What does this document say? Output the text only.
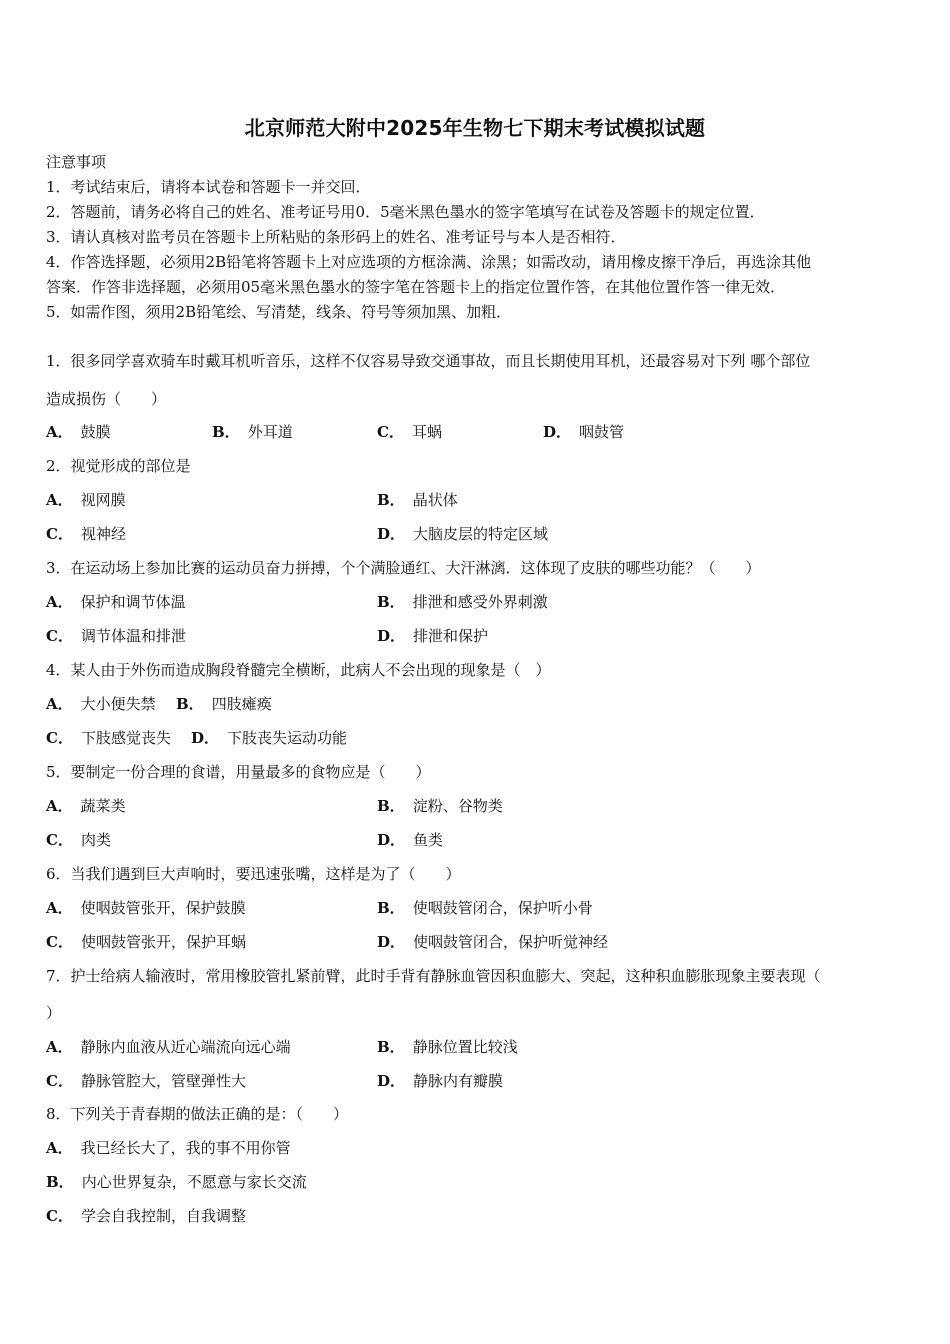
北京师范大附中2025年生物七下期末考试模拟试题
注意事项
1．考试结束后，请将本试卷和答题卡一并交回．
2．答题前，请务必将自己的姓名、准考证号用0．5毫米黑色墨水的签字笔填写在试卷及答题卡的规定位置．
3．请认真核对监考员在答题卡上所粘贴的条形码上的姓名、准考证号与本人是否相符．
4．作答选择题，必须用2B铅笔将答题卡上对应选项的方框涂满、涂黑；如需改动，请用橡皮擦干净后，再选涂其他
答案．作答非选择题，必须用05毫米黑色墨水的签字笔在答题卡上的指定位置作答，在其他位置作答一律无效．
5．如需作图，须用2B铅笔绘、写清楚，线条、符号等须加黑、加粗．
1．很多同学喜欢骑车时戴耳机听音乐，这样不仅容易导致交通事故，而且长期使用耳机，还最容易对下列 哪个部位
造成损伤（　　）
A． 鼓膜	B． 外耳道	C． 耳蜗	D． 咽鼓管
2．视觉形成的部位是
A． 视网膜	B． 晶状体
C． 视神经	D． 大脑皮层的特定区域
3．在运动场上参加比赛的运动员奋力拼搏，个个满脸通红、大汗淋漓．这体现了皮肤的哪些功能？（　　）
A． 保护和调节体温	B． 排泄和感受外界刺激
C． 调节体温和排泄	D． 排泄和保护
4．某人由于外伤而造成胸段脊髓完全横断，此病人不会出现的现象是（　）
A． 大小便失禁 B． 四肢瘫痪
C． 下肢感觉丧失 D． 下肢丧失运动功能
5．要制定一份合理的食谱，用量最多的食物应是（　　）
A． 蔬菜类	B． 淀粉、谷物类
C． 肉类	D． 鱼类
6．当我们遇到巨大声响时，要迅速张嘴，这样是为了（　　）
A． 使咽鼓管张开，保护鼓膜	B． 使咽鼓管闭合，保护听小骨
C． 使咽鼓管张开，保护耳蜗	D． 使咽鼓管闭合，保护听觉神经
7．护士给病人输液时，常用橡胶管扎紧前臂，此时手背有静脉血管因积血膨大、突起，这种积血膨胀现象主要表现（
）
A． 静脉内血液从近心端流向远心端	B． 静脉位置比较浅
C． 静脉管腔大，管壁弹性大	D． 静脉内有瓣膜
8．下列关于青春期的做法正确的是：（　　）
A． 我已经长大了，我的事不用你管
B． 内心世界复杂，不愿意与家长交流
C． 学会自我控制，自我调整
